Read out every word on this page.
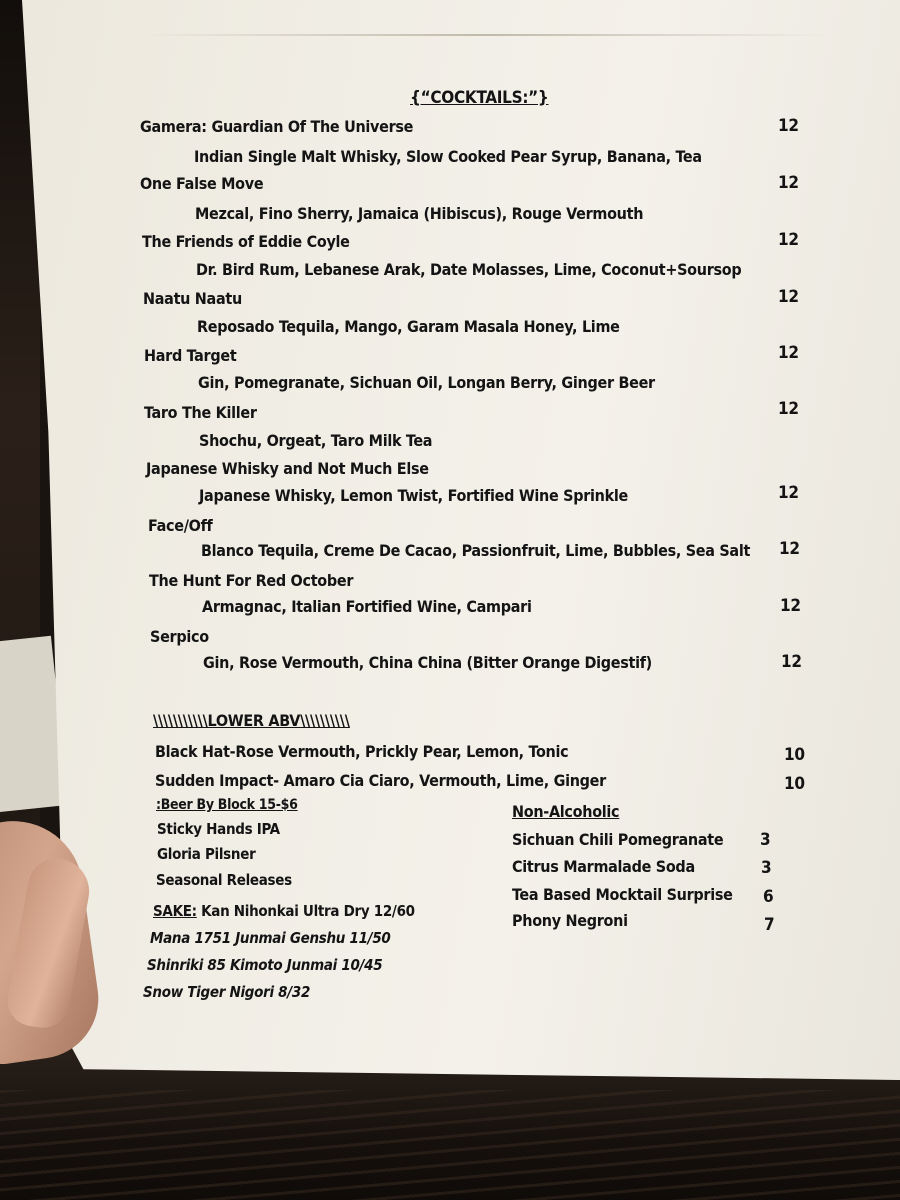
{“COCKTAILS:”}
Gamera: Guardian Of The Universe	12
Indian Single Malt Whisky, Slow Cooked Pear Syrup, Banana, Tea
One False Move	12
Mezcal, Fino Sherry, Jamaica (Hibiscus), Rouge Vermouth
The Friends of Eddie Coyle	12
Dr. Bird Rum, Lebanese Arak, Date Molasses, Lime, Coconut+Soursop
Naatu Naatu	12
Reposado Tequila, Mango, Garam Masala Honey, Lime
Hard Target	12
Gin, Pomegranate, Sichuan Oil, Longan Berry, Ginger Beer
Taro The Killer	12
Shochu, Orgeat, Taro Milk Tea
Japanese Whisky and Not Much Else
Japanese Whisky, Lemon Twist, Fortified Wine Sprinkle	12
Face/Off
Blanco Tequila, Creme De Cacao, Passionfruit, Lime, Bubbles, Sea Salt 12
The Hunt For Red October
Armagnac, Italian Fortified Wine, Campari	12
Serpico
Gin, Rose Vermouth, China China (Bitter Orange Digestif)	12
\\\\\\\\\\\LOWER ABV\\\\\\\\\\
Black Hat-Rose Vermouth, Prickly Pear, Lemon, Tonic	10
Sudden Impact- Amaro Cia Ciaro, Vermouth, Lime, Ginger	10
:Beer By Block 15-$6
Sticky Hands IPA
Gloria Pilsner
Seasonal Releases
SAKE: Kan Nihonkai Ultra Dry 12/60
Mana 1751 Junmai Genshu 11/50
Shinriki 85 Kimoto Junmai 10/45
Snow Tiger Nigori 8/32
Non-Alcoholic
Sichuan Chili Pomegranate 3
Citrus Marmalade Soda	3
Tea Based Mocktail Surprise 6
Phony Negroni	7
